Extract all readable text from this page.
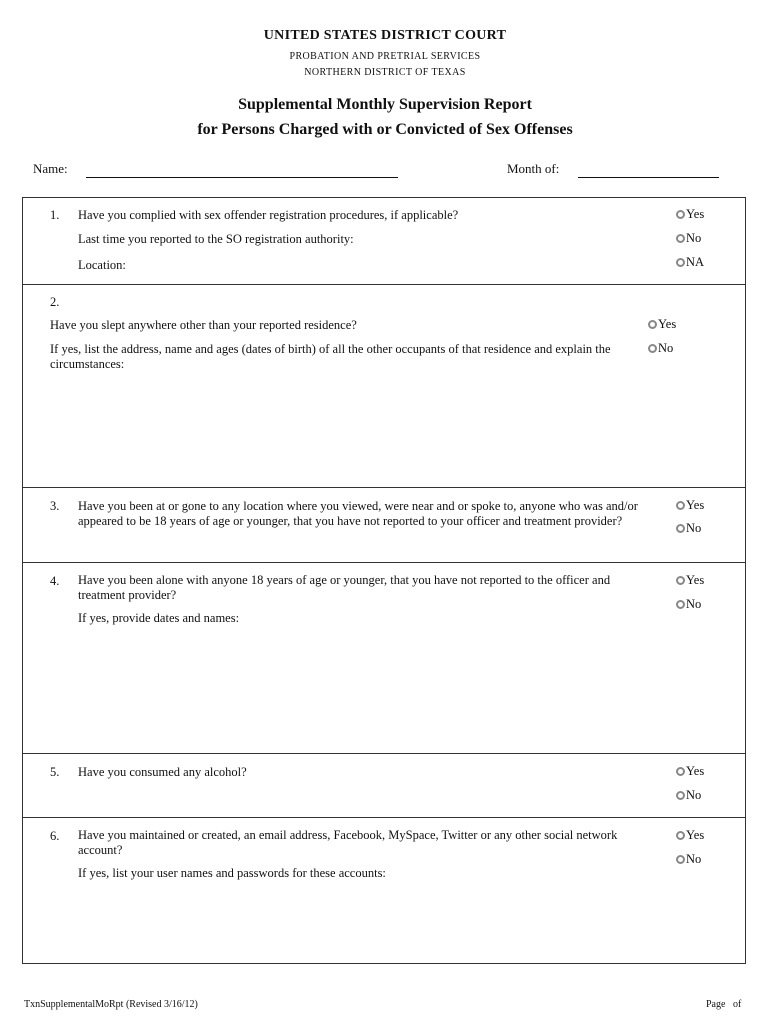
UNITED STATES DISTRICT COURT
PROBATION AND PRETRIAL SERVICES
NORTHERN DISTRICT OF TEXAS
Supplemental Monthly Supervision Report
for Persons Charged with or Convicted of Sex Offenses
Name:	Month of:
1. Have you complied with sex offender registration procedures, if applicable?
Last time you reported to the SO registration authority:
Location:
Yes
No
NA
2.
Have you slept anywhere other than your reported residence?
If yes, list the address, name and ages (dates of birth) of all the other occupants of that residence and explain the circumstances:
Yes
No
3. Have you been at or gone to any location where you viewed, were near and or spoke to, anyone who was and/or appeared to be 18 years of age or younger, that you have not reported to your officer and treatment provider?
Yes
No
4. Have you been alone with anyone 18 years of age or younger, that you have not reported to the officer and treatment provider?
If yes, provide dates and names:
Yes
No
5. Have you consumed any alcohol?	Yes
No
6. Have you maintained or created, an email address, Facebook, MySpace, Twitter or any other social network account?
If yes, list your user names and passwords for these accounts:
Yes
No
TxnSupplementalMoRpt (Revised 3/16/12)	Page   of
